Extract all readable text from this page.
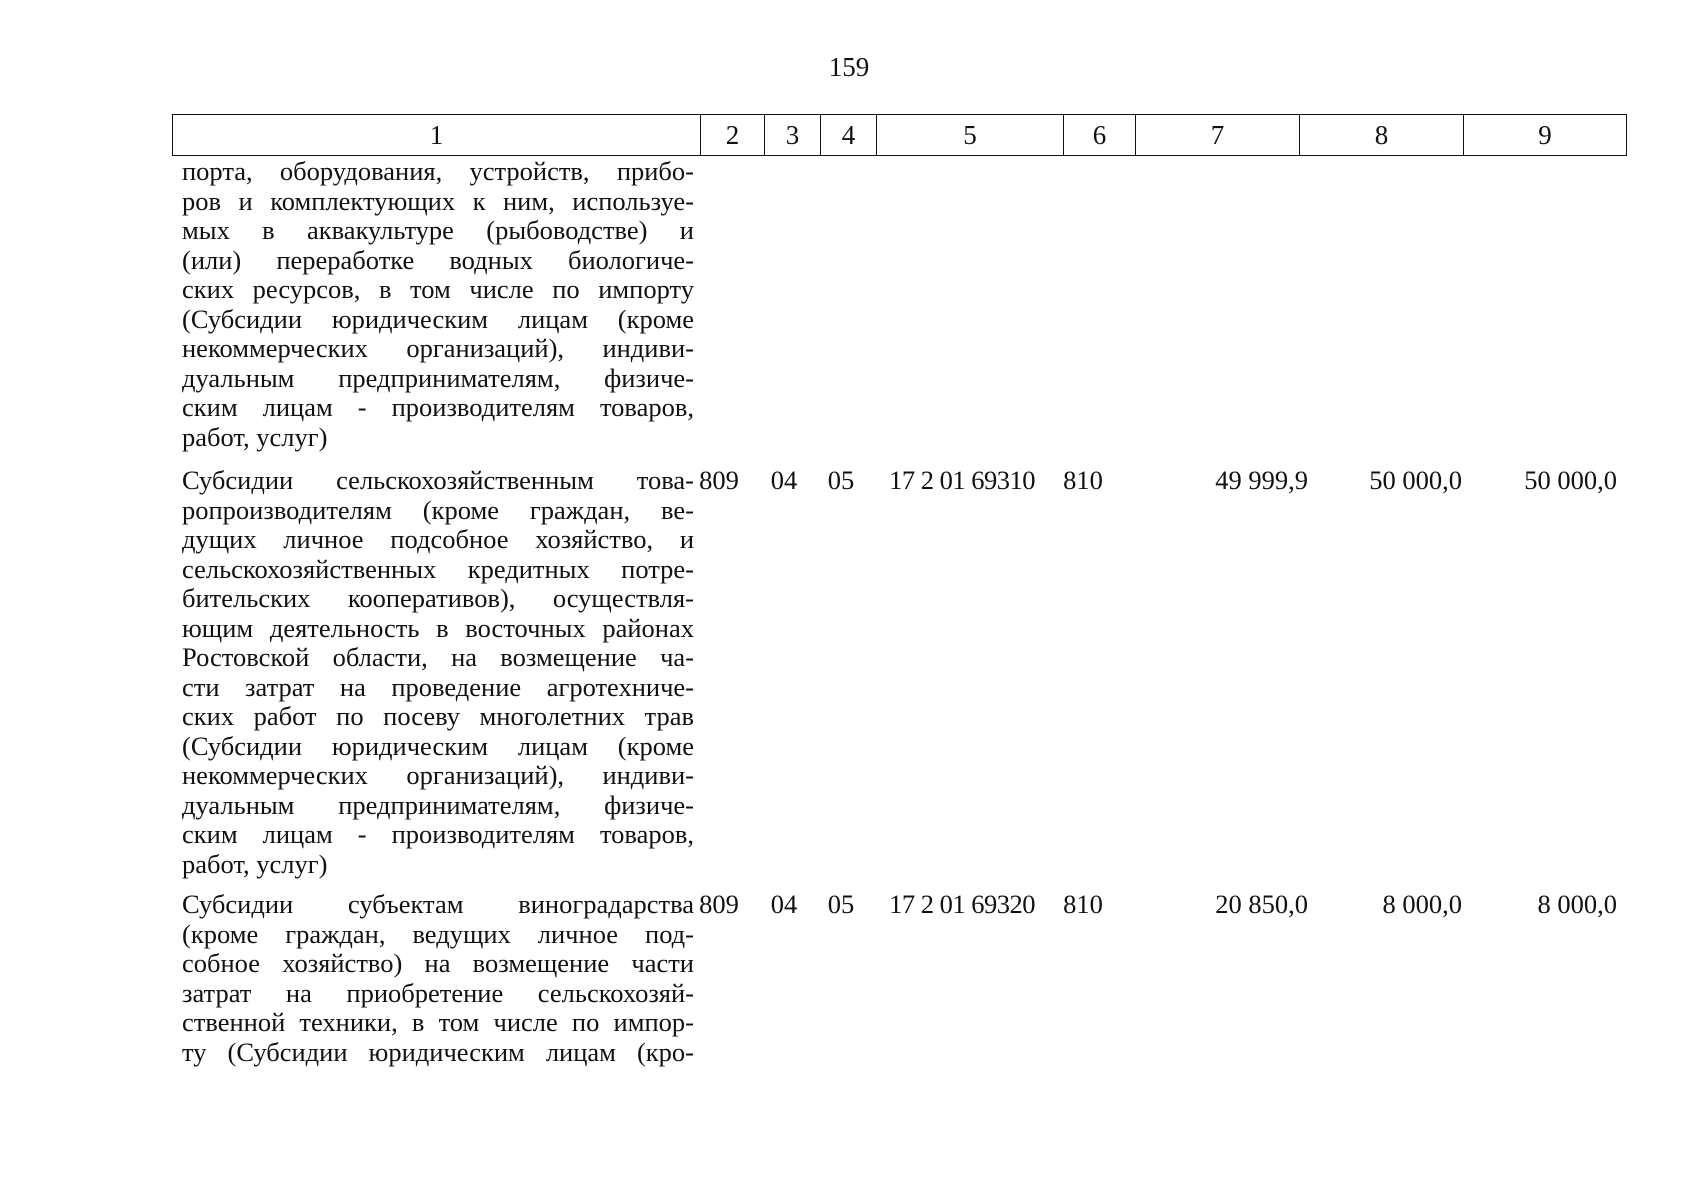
159
1	2	3	4	5	6	7	8	9
порта, оборудования, устройств, прибо-
ров и комплектующих к ним, используе-
мых в аквакультуре (рыбоводстве) и
(или) переработке водных биологиче-
ских ресурсов, в том числе по импорту
(Субсидии юридическим лицам (кроме
некоммерческих организаций), индиви-
дуальным предпринимателям, физиче-
ским лицам - производителям товаров,
работ, услуг)
Субсидии сельскохозяйственным това-
ропроизводителям (кроме граждан, ве-
дущих личное подсобное хозяйство, и
сельскохозяйственных кредитных потре-
бительских кооперативов), осуществля-
ющим деятельность в восточных районах
Ростовской области, на возмещение ча-
сти затрат на проведение агротехниче-
ских работ по посеву многолетних трав
(Субсидии юридическим лицам (кроме
некоммерческих организаций), индиви-
дуальным предпринимателям, физиче-
ским лицам - производителям товаров,
работ, услуг)
809	04	05	17 2 01 69310	810	49 999,9	50 000,0	50 000,0
Субсидии субъектам виноградарства
(кроме граждан, ведущих личное под-
собное хозяйство) на возмещение части
затрат на приобретение сельскохозяй-
ственной техники, в том числе по импор-
ту (Субсидии юридическим лицам (кро-
809	04	05	17 2 01 69320	810	20 850,0	8 000,0	8 000,0
